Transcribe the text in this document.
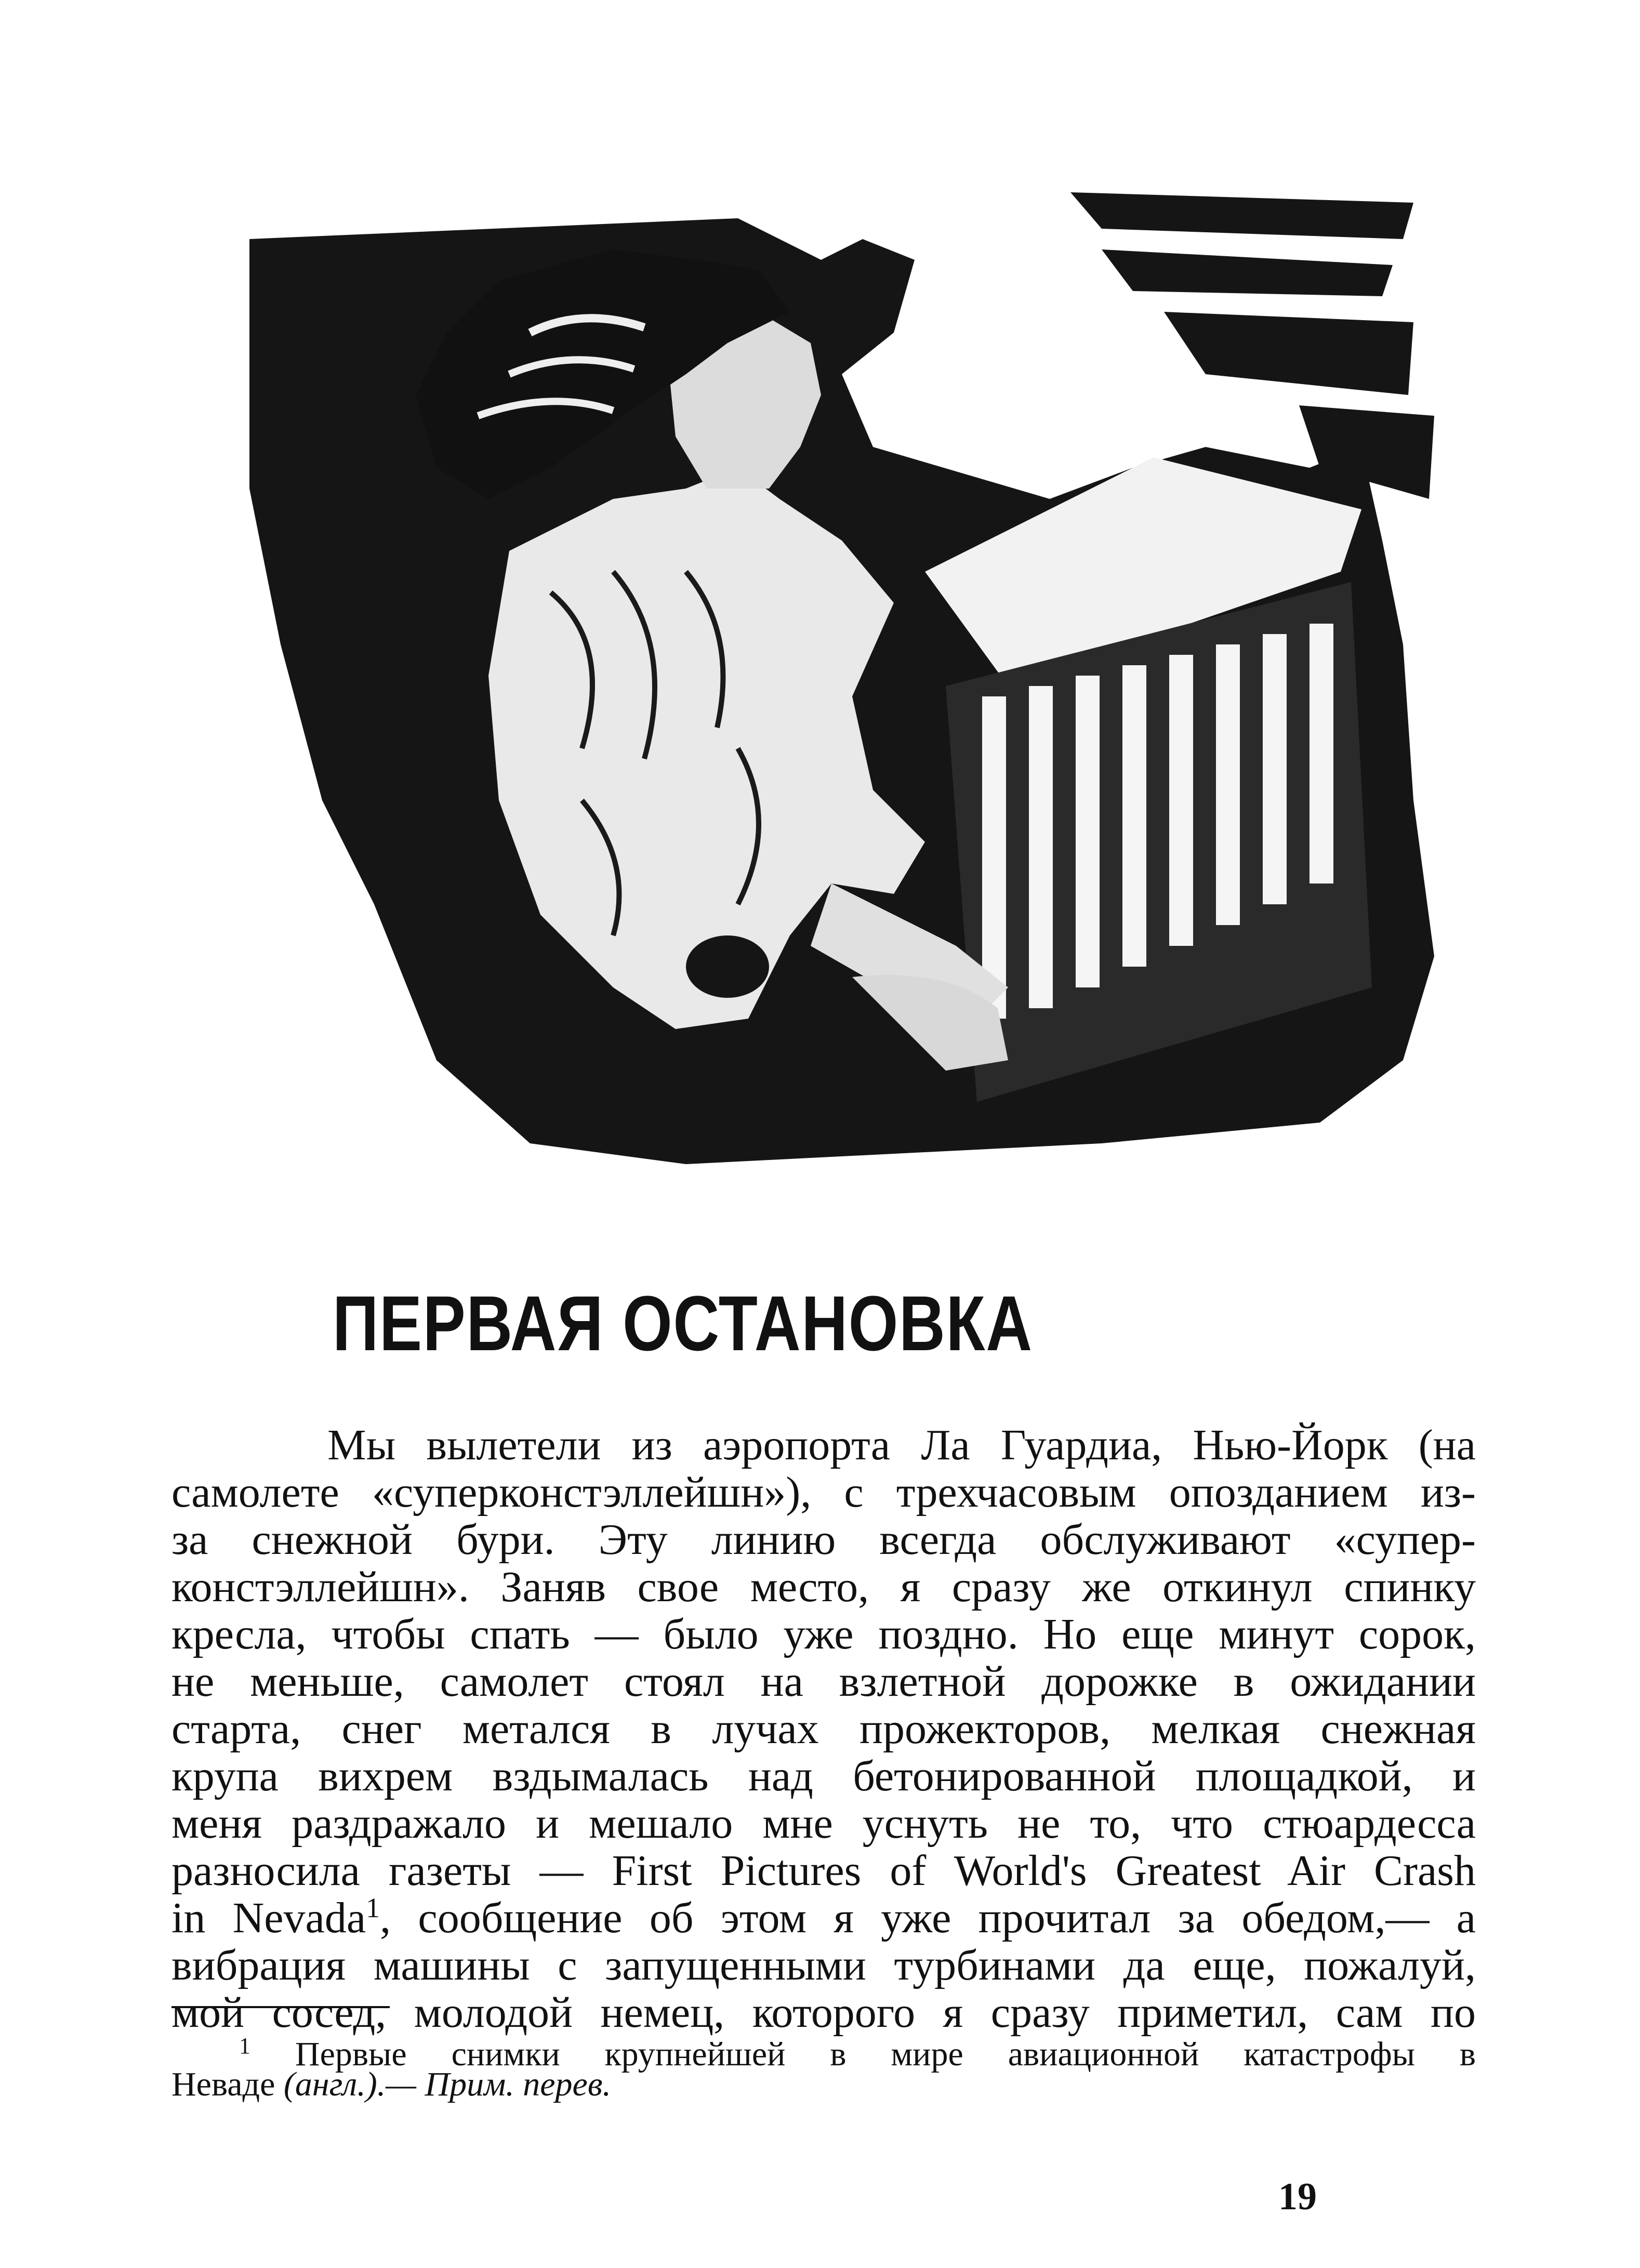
ПЕРВАЯ ОСТАНОВКА
Мы вылетели из аэропорта Ла Гуардиа, Нью-Йорк (на
самолете «суперконстэллейшн»), с трехчасовым опозданием из-
за снежной бури. Эту линию всегда обслуживают «супер-
констэллейшн». Заняв свое место, я сразу же откинул спинку
кресла, чтобы спать — было уже поздно. Но еще минут сорок,
не меньше, самолет стоял на взлетной дорожке в ожидании
старта, снег метался в лучах прожекторов, мелкая снежная
крупа вихрем вздымалась над бетонированной площадкой, и
меня раздражало и мешало мне уснуть не то, что стюардесса
разносила газеты — First Pictures of World's Greatest Air Crash
in Nevada$^1$, сообщение об этом я уже прочитал за обедом,— а
вибрация машины с запущенными турбинами да еще, пожалуй,
мой сосед, молодой немец, которого я сразу приметил, сам по
$^1$ Первые снимки крупнейшей в мире авиационной катастрофы в
Неваде (англ.).— Прим. перев.
19
